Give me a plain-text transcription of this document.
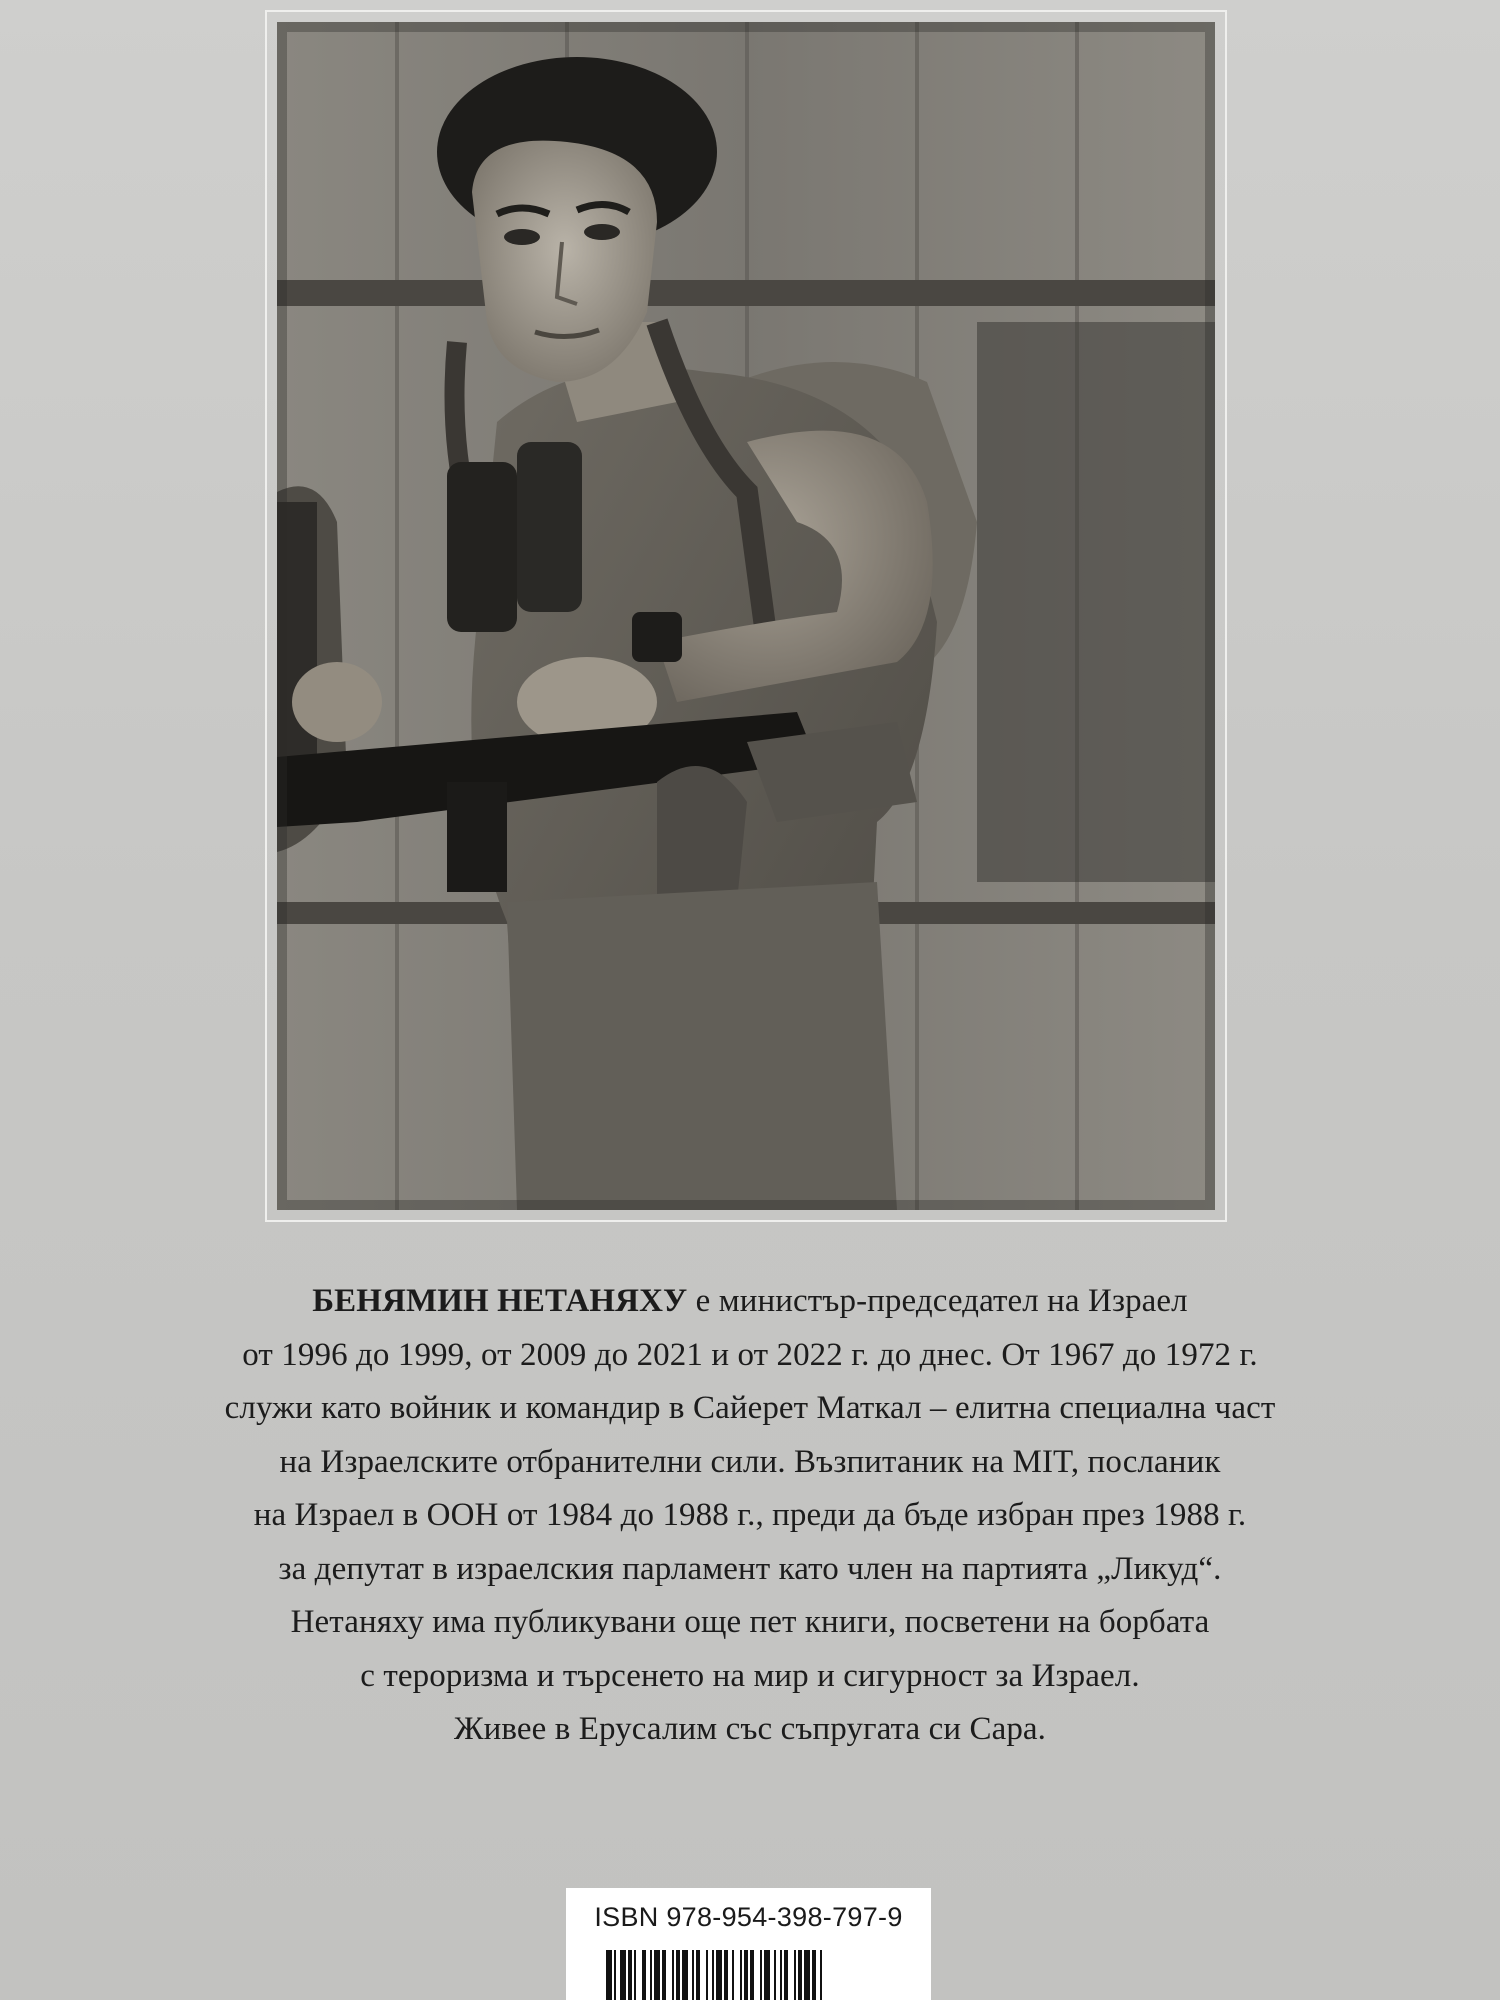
БЕНЯМИН НЕТАНЯХУ е министър-председател на Израел
от 1996 до 1999, от 2009 до 2021 и от 2022 г. до днес. От 1967 до 1972 г.
служи като войник и командир в Сайерет Маткал – елитна специална част
на Израелските отбранителни сили. Възпитаник на MIT, посланик
на Израел в ООН от 1984 до 1988 г., преди да бъде избран през 1988 г.
за депутат в израелския парламент като член на партията „Ликуд“.
Нетаняху има публикувани още пет книги, посветени на борбата
с тероризма и търсенето на мир и сигурност за Израел.
Живее в Ерусалим със съпругата си Сара.
ISBN 978-954-398-797-9
